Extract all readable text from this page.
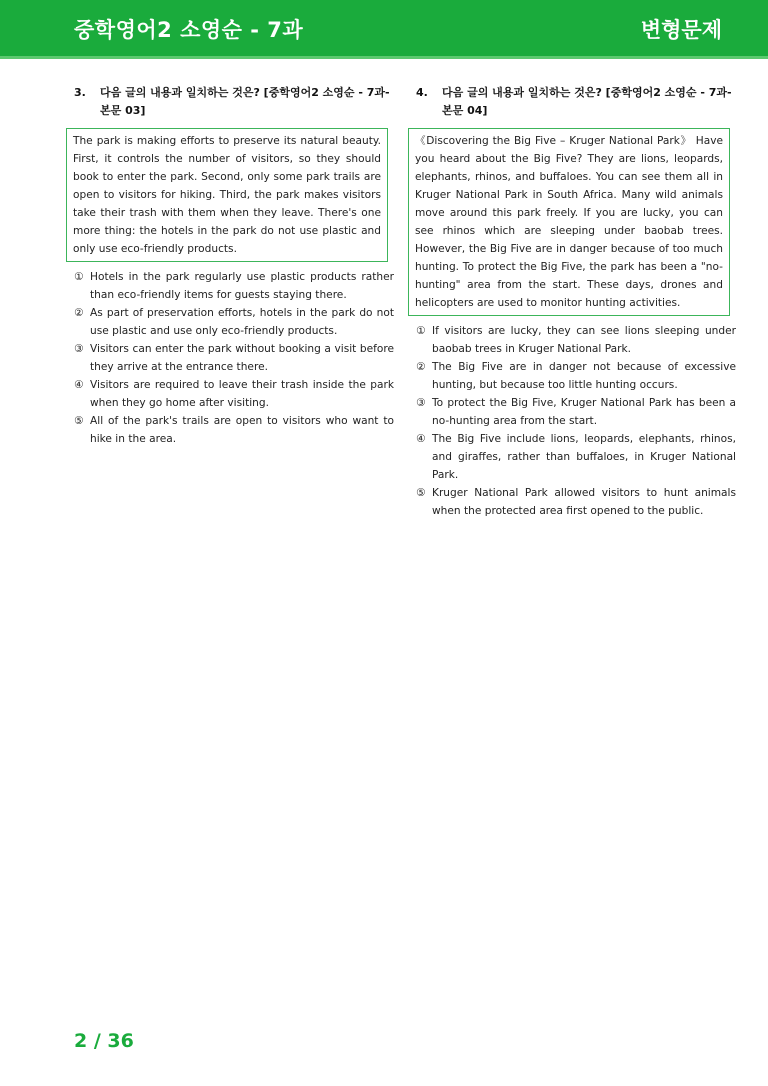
중학영어2 소영순 - 7과	변형문제
3. 다음 글의 내용과 일치하는 것은? [중학영어2 소영순 - 7과-본문 03]
The park is making efforts to preserve its natural beauty. First, it controls the number of visitors, so they should book to enter the park. Second, only some park trails are open to visitors for hiking. Third, the park makes visitors take their trash with them when they leave. There's one more thing: the hotels in the park do not use plastic and only use eco-friendly products.
① Hotels in the park regularly use plastic products rather than eco-friendly items for guests staying there.
② As part of preservation efforts, hotels in the park do not use plastic and use only eco-friendly products.
③ Visitors can enter the park without booking a visit before they arrive at the entrance there.
④ Visitors are required to leave their trash inside the park when they go home after visiting.
⑤ All of the park's trails are open to visitors who want to hike in the area.
4. 다음 글의 내용과 일치하는 것은? [중학영어2 소영순 - 7과-본문 04]
《Discovering the Big Five – Kruger National Park》 Have you heard about the Big Five? They are lions, leopards, elephants, rhinos, and buffaloes. You can see them all in Kruger National Park in South Africa. Many wild animals move around this park freely. If you are lucky, you can see rhinos which are sleeping under baobab trees. However, the Big Five are in danger because of too much hunting. To protect the Big Five, the park has been a "no-hunting" area from the start. These days, drones and helicopters are used to monitor hunting activities.
① If visitors are lucky, they can see lions sleeping under baobab trees in Kruger National Park.
② The Big Five are in danger not because of excessive hunting, but because too little hunting occurs.
③ To protect the Big Five, Kruger National Park has been a no-hunting area from the start.
④ The Big Five include lions, leopards, elephants, rhinos, and giraffes, rather than buffaloes, in Kruger National Park.
⑤ Kruger National Park allowed visitors to hunt animals when the protected area first opened to the public.
2 / 36
